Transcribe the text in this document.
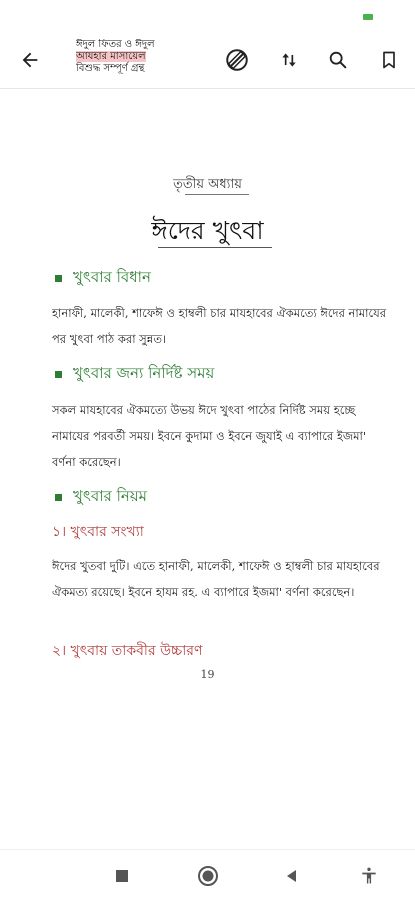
ঈদুল ফিতর ও ঈদুল
আযহার মাসায়েল
বিশুদ্ধ সম্পূর্ণ গ্রন্থ
তৃতীয় অধ্যায়
ঈদের খুৎবা
খুৎবার বিধান
হানাফী, মালেকী, শাফেঈ ও হাম্বলী চার মাযহাবের ঐকমত্যে ঈদের নামাযের পর খুৎবা পাঠ করা সুন্নত।
খুৎবার জন্য নির্দিষ্ট সময়
সকল মাযহাবের ঐকমত্যে উভয় ঈদে খুৎবা পাঠের নির্দিষ্ট সময় হচ্ছে নামাযের পরবর্তী সময়। ইবনে কুদামা ও ইবনে জুযাই এ ব্যাপারে ইজমা' বর্ণনা করেছেন।
খুৎবার নিয়ম
১। খুৎবার সংখ্যা
ঈদের খুতবা দুটি। এতে হানাফী, মালেকী, শাফেঈ ও হাম্বলী চার মাযহাবের ঐকমত্য রয়েছে। ইবনে হাযম রহ. এ ব্যাপারে ইজমা' বর্ণনা করেছেন।
২। খুৎবায় তাকবীর উচ্চারণ
19
